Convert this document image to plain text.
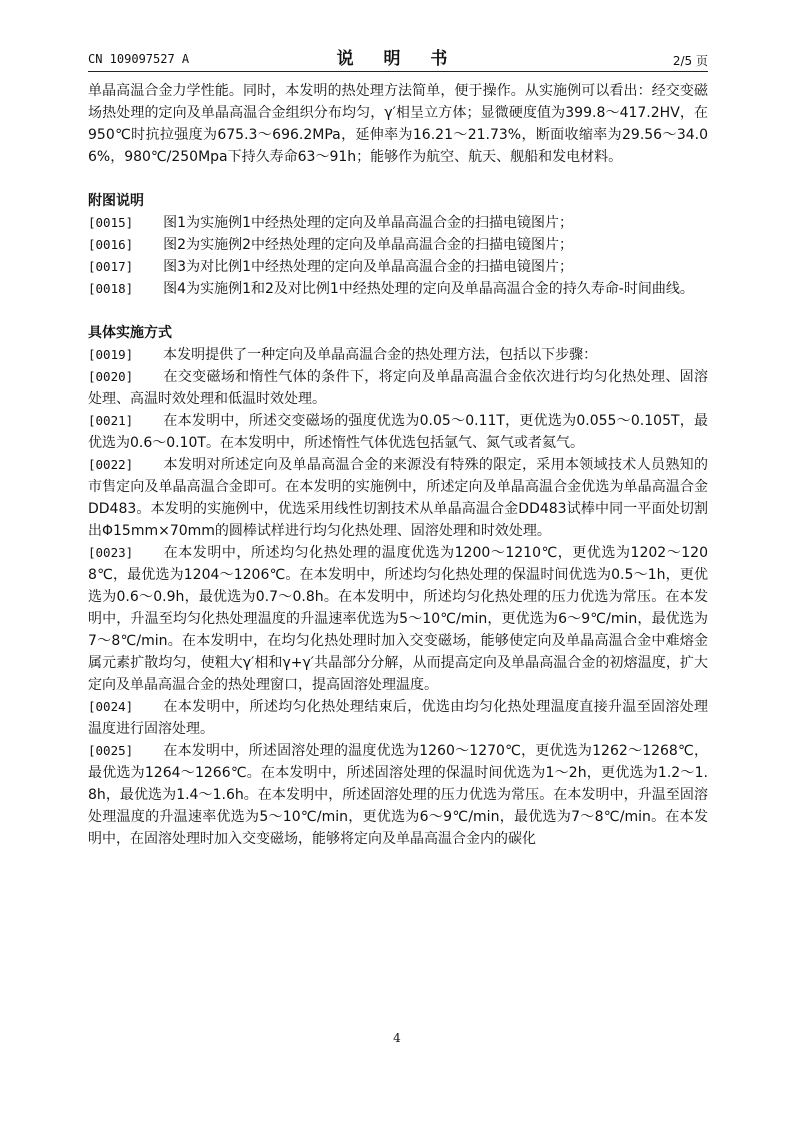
CN 109097527 A	说 明 书	2/5 页

单晶高温合金力学性能。同时，本发明的热处理方法简单，便于操作。从实施例可以看出：经交变磁场热处理的定向及单晶高温合金组织分布均匀，γ′相呈立方体；显微硬度值为399.8～417.2HV，在950℃时抗拉强度为675.3～696.2MPa，延伸率为16.21～21.73%，断面收缩率为29.56～34.06%，980℃/250Mpa下持久寿命63～91h；能够作为航空、航天、舰船和发电材料。

附图说明

[0015] 图1为实施例1中经热处理的定向及单晶高温合金的扫描电镜图片；

[0016] 图2为实施例2中经热处理的定向及单晶高温合金的扫描电镜图片；

[0017] 图3为对比例1中经热处理的定向及单晶高温合金的扫描电镜图片；

[0018] 图4为实施例1和2及对比例1中经热处理的定向及单晶高温合金的持久寿命-时间曲线。

具体实施方式

[0019] 本发明提供了一种定向及单晶高温合金的热处理方法，包括以下步骤：

[0020] 在交变磁场和惰性气体的条件下，将定向及单晶高温合金依次进行均匀化热处理、固溶处理、高温时效处理和低温时效处理。

[0021] 在本发明中，所述交变磁场的强度优选为0.05～0.11T，更优选为0.055～0.105T，最优选为0.6～0.10T。在本发明中，所述惰性气体优选包括氩气、氮气或者氦气。

[0022] 本发明对所述定向及单晶高温合金的来源没有特殊的限定，采用本领域技术人员熟知的市售定向及单晶高温合金即可。在本发明的实施例中，所述定向及单晶高温合金优选为单晶高温合金DD483。本发明的实施例中，优选采用线性切割技术从单晶高温合金DD483试棒中同一平面处切割出Φ15mm×70mm的圆棒试样进行均匀化热处理、固溶处理和时效处理。

[0023] 在本发明中，所述均匀化热处理的温度优选为1200～1210℃，更优选为1202～1208℃，最优选为1204～1206℃。在本发明中，所述均匀化热处理的保温时间优选为0.5～1h，更优选为0.6～0.9h，最优选为0.7～0.8h。在本发明中，所述均匀化热处理的压力优选为常压。在本发明中，升温至均匀化热处理温度的升温速率优选为5～10℃/min，更优选为6～9℃/min，最优选为7～8℃/min。在本发明中，在均匀化热处理时加入交变磁场，能够使定向及单晶高温合金中难熔金属元素扩散均匀，使粗大γ′相和γ+γ′共晶部分分解，从而提高定向及单晶高温合金的初熔温度，扩大定向及单晶高温合金的热处理窗口，提高固溶处理温度。

[0024] 在本发明中，所述均匀化热处理结束后，优选由均匀化热处理温度直接升温至固溶处理温度进行固溶处理。

[0025] 在本发明中，所述固溶处理的温度优选为1260～1270℃，更优选为1262～1268℃，最优选为1264～1266℃。在本发明中，所述固溶处理的保温时间优选为1～2h，更优选为1.2～1.8h，最优选为1.4～1.6h。在本发明中，所述固溶处理的压力优选为常压。在本发明中，升温至固溶处理温度的升温速率优选为5～10℃/min，更优选为6～9℃/min，最优选为7～8℃/min。在本发明中，在固溶处理时加入交变磁场，能够将定向及单晶高温合金内的碳化

4
